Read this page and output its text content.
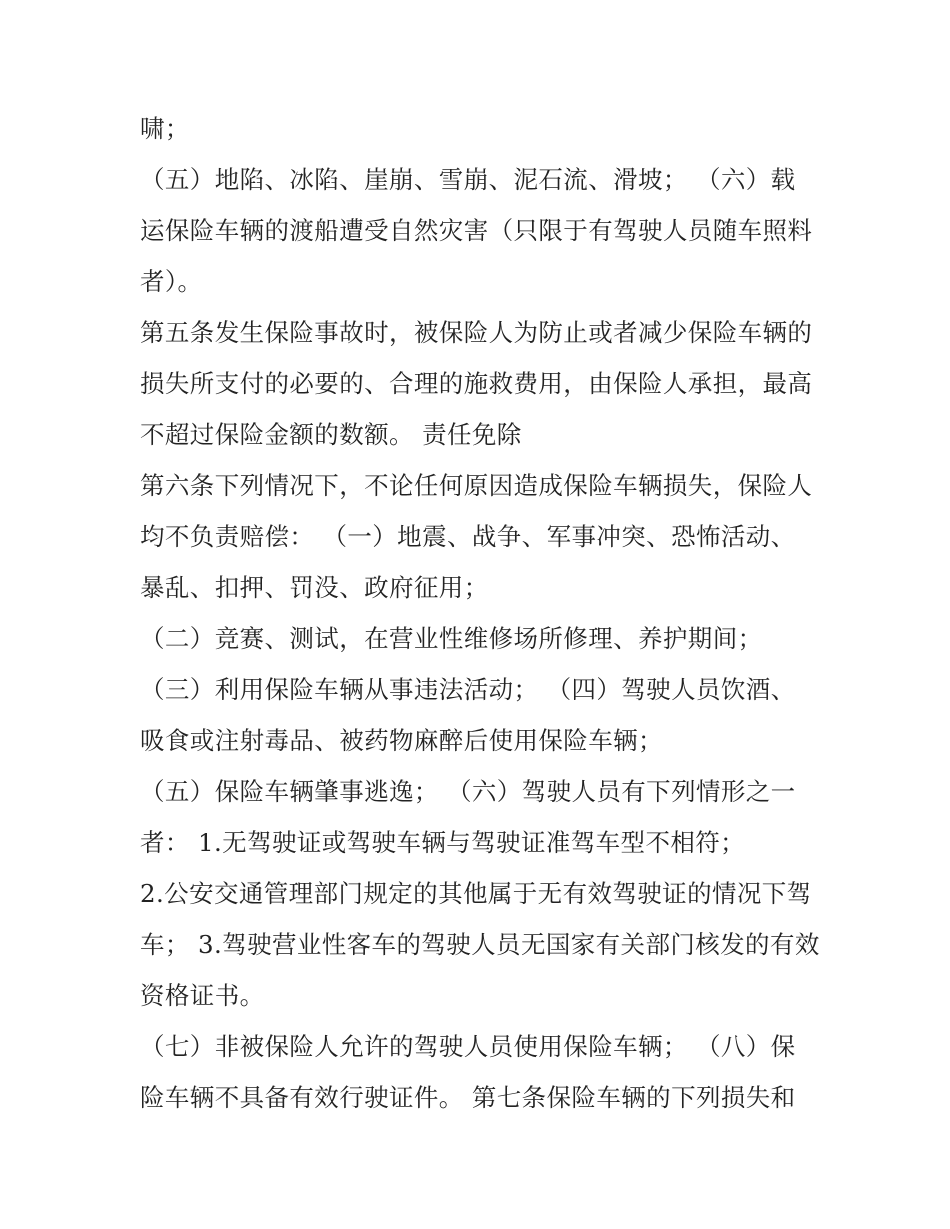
啸；
（五）地陷、冰陷、崖崩、雪崩、泥石流、滑坡； （六）载
运保险车辆的渡船遭受自然灾害（只限于有驾驶人员随车照料
者）。
第五条发生保险事故时，被保险人为防止或者减少保险车辆的
损失所支付的必要的、合理的施救费用，由保险人承担，最高
不超过保险金额的数额。 责任免除
第六条下列情况下，不论任何原因造成保险车辆损失，保险人
均不负责赔偿： （一）地震、战争、军事冲突、恐怖活动、
暴乱、扣押、罚没、政府征用；
（二）竞赛、测试，在营业性维修场所修理、养护期间；
（三）利用保险车辆从事违法活动； （四）驾驶人员饮酒、
吸食或注射毒品、被药物麻醉后使用保险车辆；
（五）保险车辆肇事逃逸； （六）驾驶人员有下列情形之一
者： 1.无驾驶证或驾驶车辆与驾驶证准驾车型不相符；
2.公安交通管理部门规定的其他属于无有效驾驶证的情况下驾
车； 3.驾驶营业性客车的驾驶人员无国家有关部门核发的有效
资格证书。
（七）非被保险人允许的驾驶人员使用保险车辆； （八）保
险车辆不具备有效行驶证件。 第七条保险车辆的下列损失和
